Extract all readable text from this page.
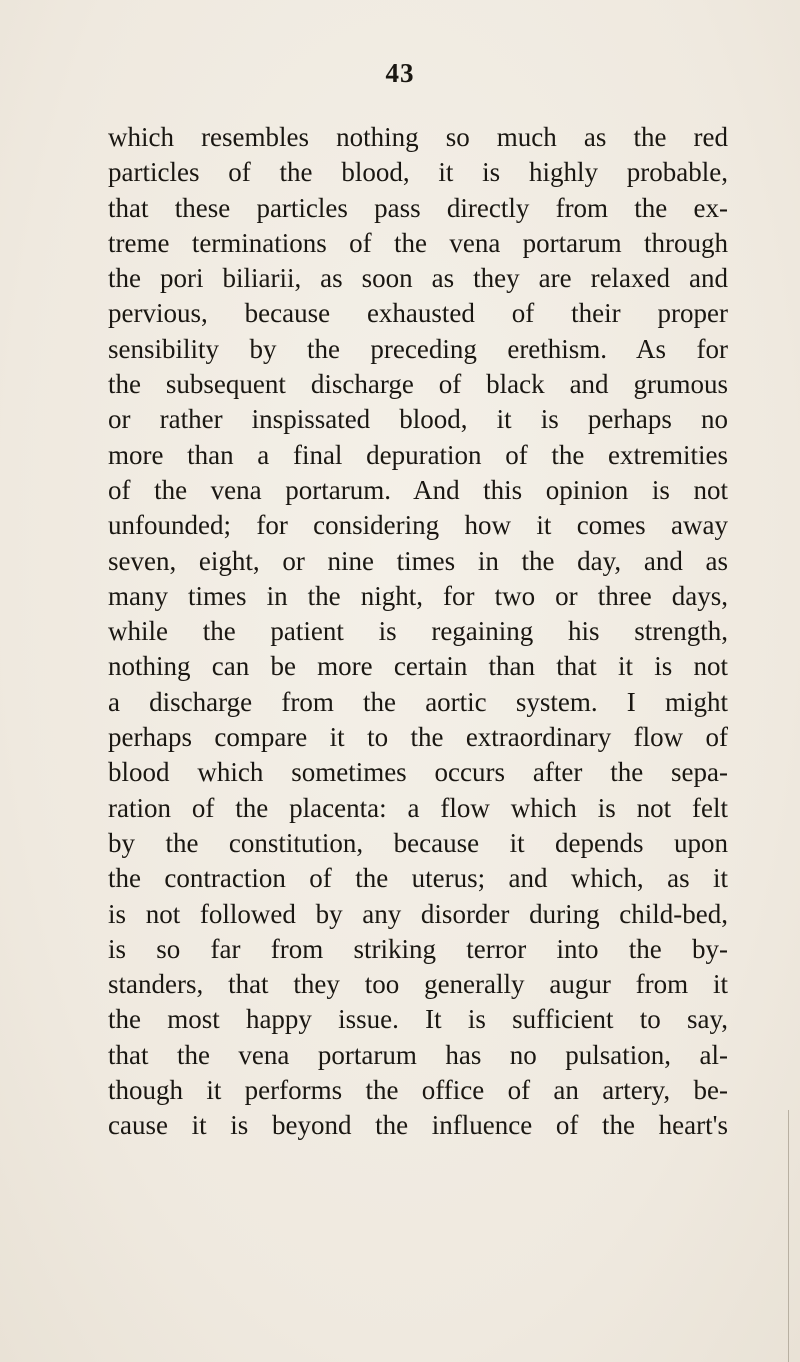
43
which resembles nothing so much as the red
particles of the blood, it is highly probable,
that these particles pass directly from the ex-
treme terminations of the vena portarum through
the pori biliarii, as soon as they are relaxed and
pervious, because exhausted of their proper
sensibility by the preceding erethism. As for
the subsequent discharge of black and grumous
or rather inspissated blood, it is perhaps no
more than a final depuration of the extremities
of the vena portarum. And this opinion is not
unfounded; for considering how it comes away
seven, eight, or nine times in the day, and as
many times in the night, for two or three days,
while the patient is regaining his strength,
nothing can be more certain than that it is not
a discharge from the aortic system. I might
perhaps compare it to the extraordinary flow of
blood which sometimes occurs after the sepa-
ration of the placenta: a flow which is not felt
by the constitution, because it depends upon
the contraction of the uterus; and which, as it
is not followed by any disorder during child-bed,
is so far from striking terror into the by-
standers, that they too generally augur from it
the most happy issue. It is sufficient to say,
that the vena portarum has no pulsation, al-
though it performs the office of an artery, be-
cause it is beyond the influence of the heart's
